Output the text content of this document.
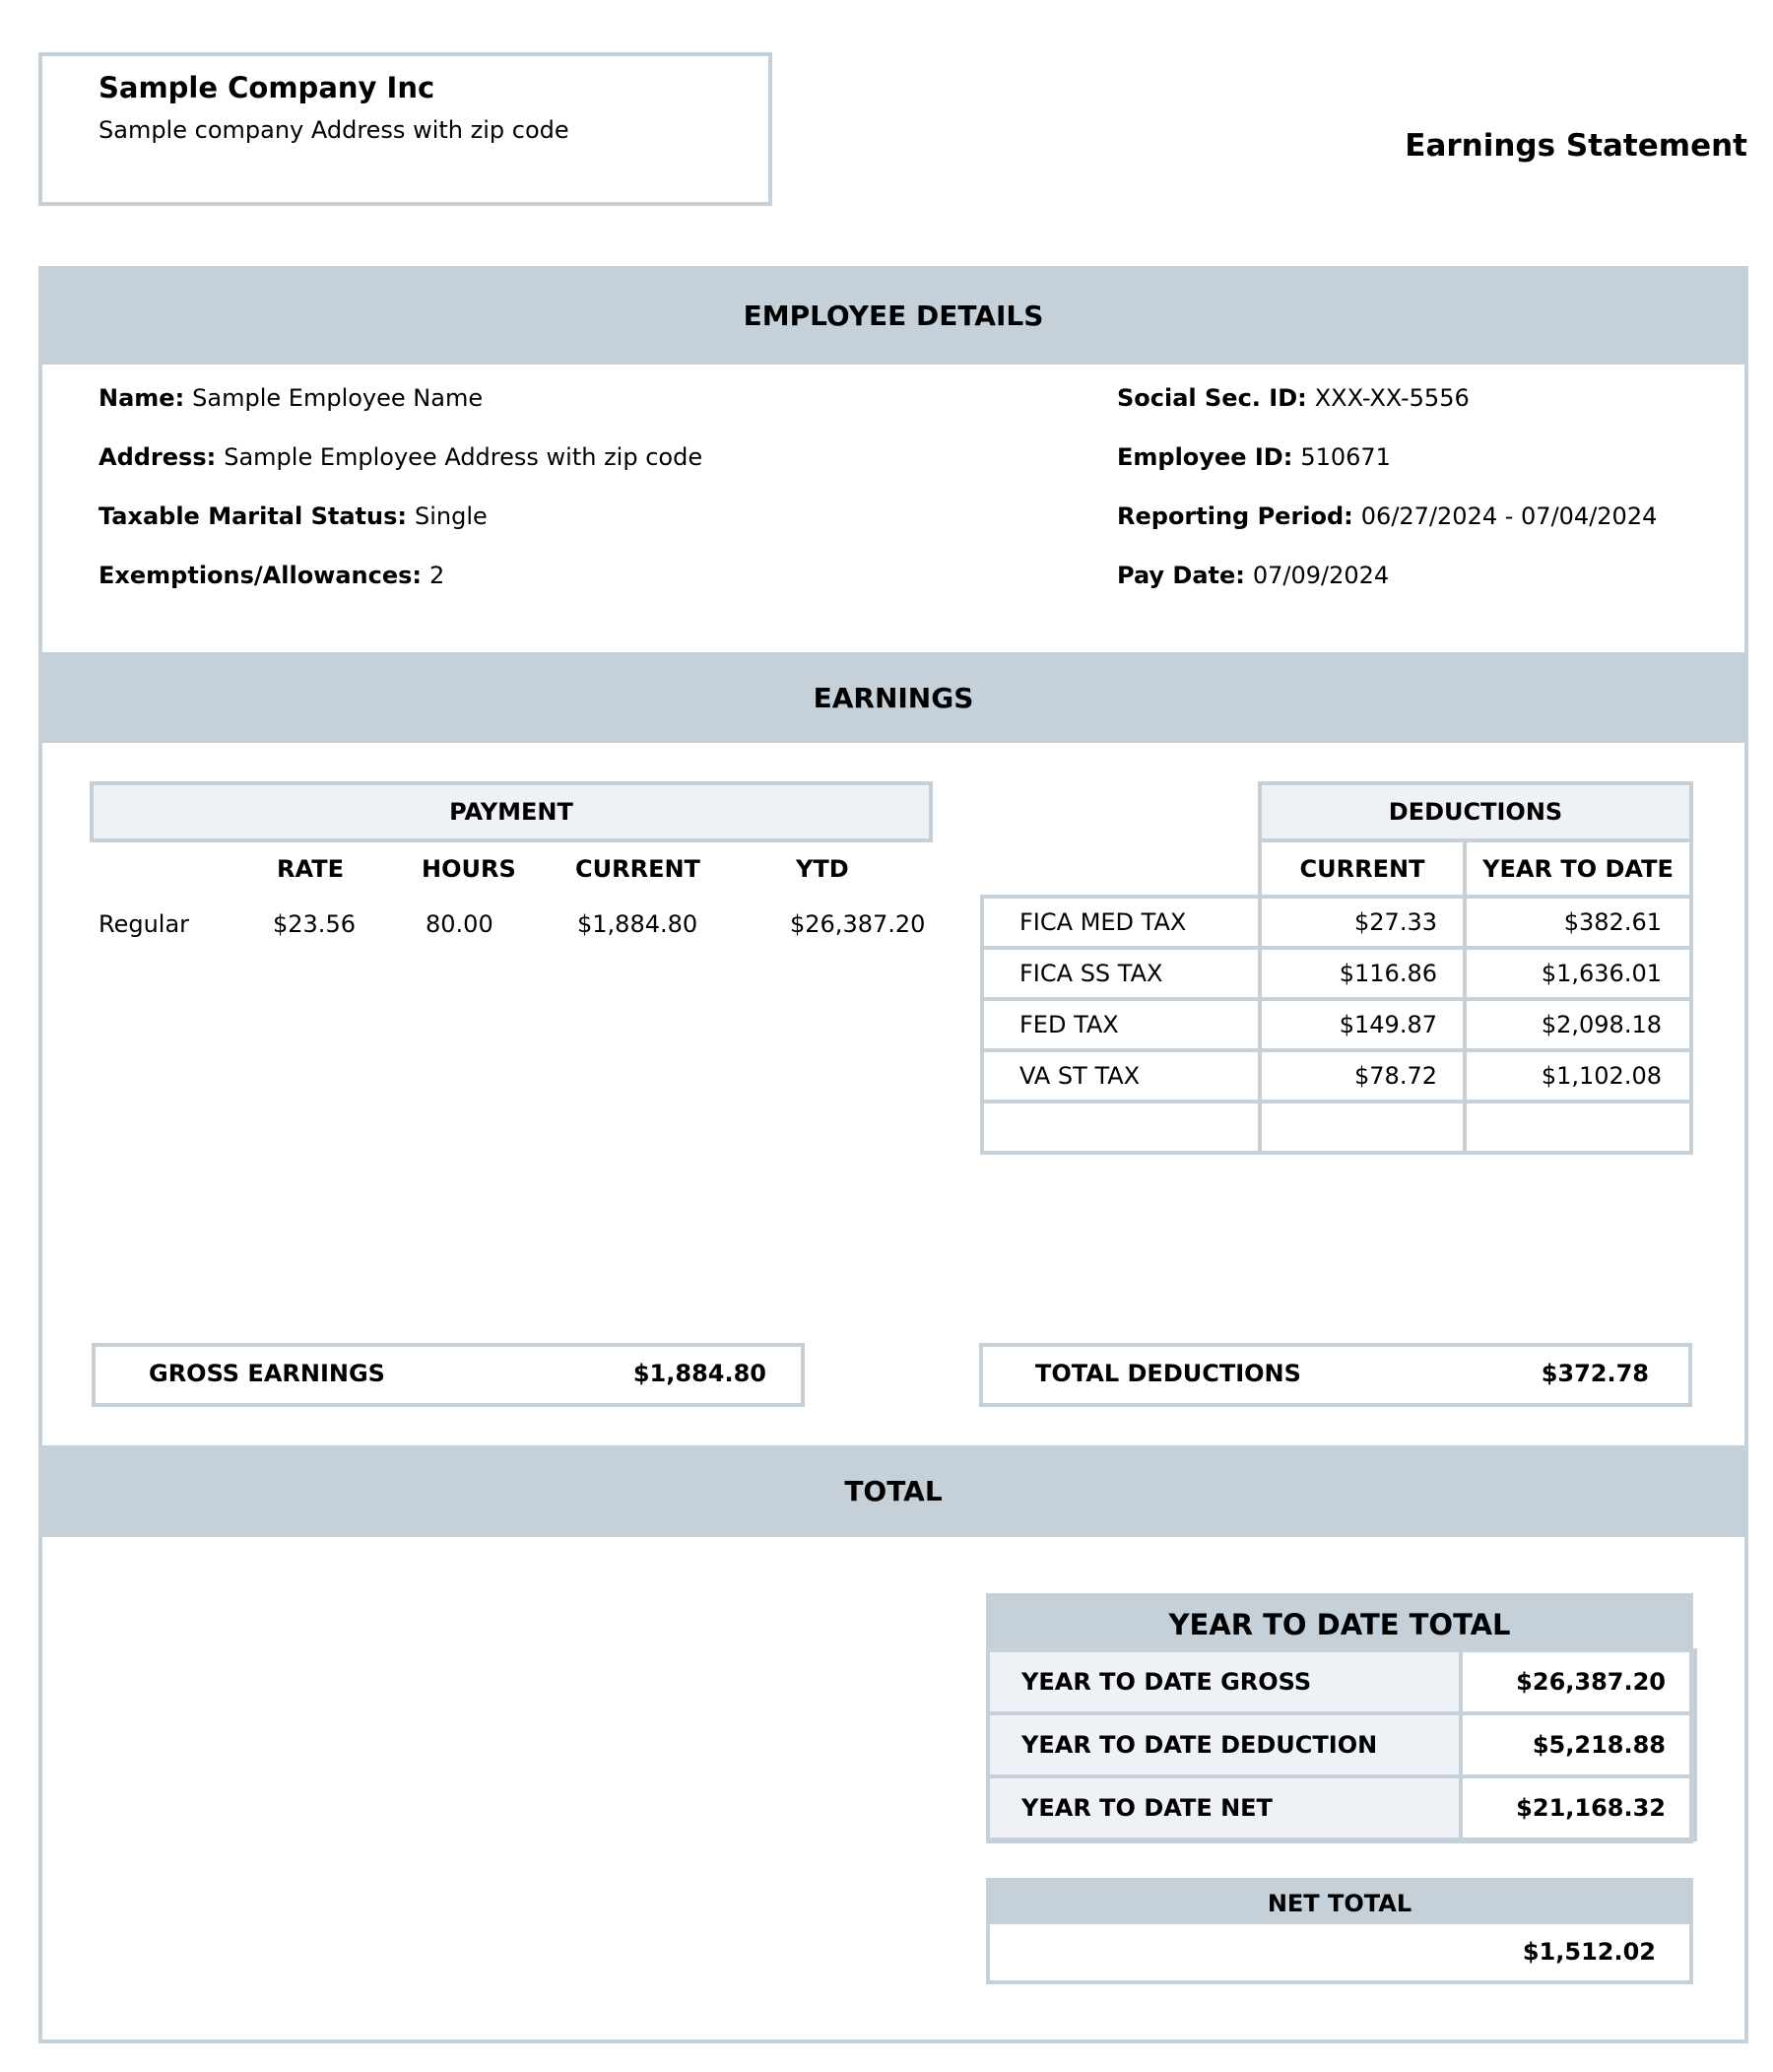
Sample Company Inc
Sample company Address with zip code	Earnings Statement
EMPLOYEE DETAILS
Name: Sample Employee Name
Address: Sample Employee Address with zip code
Taxable Marital Status: Single
Exemptions/Allowances: 2
Social Sec. ID: XXX-XX-5556
Employee ID: 510671
Reporting Period: 06/27/2024 - 07/04/2024
Pay Date: 07/09/2024
EARNINGS
PAYMENT
RATE	HOURS	CURRENT	YTD
Regular	$23.56	80.00	$1,884.80	$26,387.20
DEDUCTIONS
CURRENT	YEAR TO DATE
FICA MED TAX	$27.33	$382.61
FICA SS TAX	$116.86	$1,636.01
FED TAX	$149.87	$2,098.18
VA ST TAX	$78.72	$1,102.08

GROSS EARNINGS	$1,884.80	TOTAL DEDUCTIONS	$372.78
TOTAL
YEAR TO DATE TOTAL
YEAR TO DATE GROSS	$26,387.20
YEAR TO DATE DEDUCTION	$5,218.88
YEAR TO DATE NET	$21,168.32
NET TOTAL
$1,512.02
